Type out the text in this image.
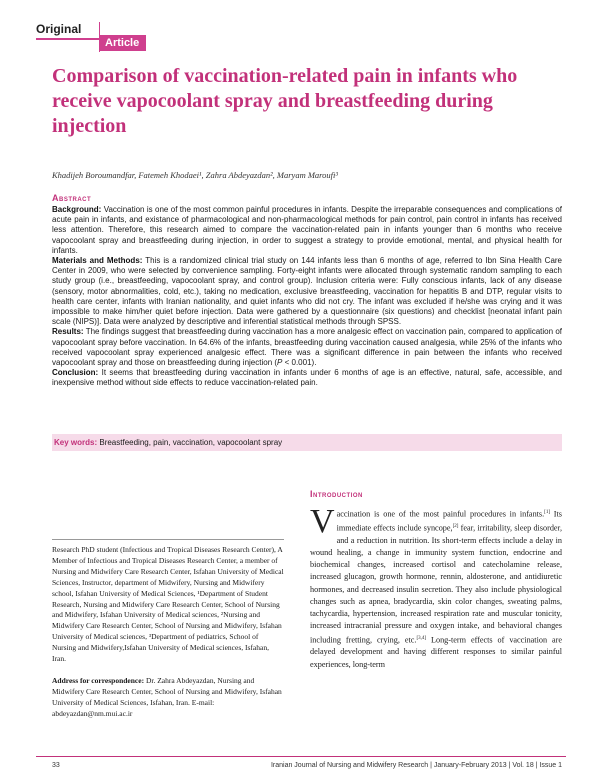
Original
Article
Comparison of vaccination-related pain in infants who receive vapocoolant spray and breastfeeding during injection
Khadijeh Boroumandfar, Fatemeh Khodaei¹, Zahra Abdeyazdan², Maryam Maroufi³
Abstract

Background: Vaccination is one of the most common painful procedures in infants. Despite the irreparable consequences and complications of acute pain in infants, and existance of pharmacological and non-pharmacological methods for pain control, pain control in infants has received less attention. Therefore, this research aimed to compare the vaccination-related pain in infants younger than 6 months who receive vapocoolant spray and breastfeeding during injection, in order to suggest a strategy to provide emotional, mental, and physical health for infants.

Materials and Methods: This is a randomized clinical trial study on 144 infants less than 6 months of age, referred to Ibn Sina Health Care Center in 2009, who were selected by convenience sampling. Forty-eight infants were allocated through systematic random sampling to each study group (i.e., breastfeeding, vapocoolant spray, and control group). Inclusion criteria were: Fully conscious infants, lack of any disease (sensory, motor abnormalities, cold, etc.), taking no medication, exclusive breastfeeding, vaccination for hepatitis B and DTP, regular visits to health care center, infants with Iranian nationality, and quiet infants who did not cry. The infant was excluded if he/she was crying and it was impossible to make him/her quiet before injection. Data were gathered by a questionnaire (six questions) and checklist [neonatal infant pain scale (NIPS)]. Data were analyzed by descriptive and inferential statistical methods through SPSS.

Results: The findings suggest that breastfeeding during vaccination has a more analgesic effect on vaccination pain, compared to application of vapocoolant spray before vaccination. In 64.6% of the infants, breastfeeding during vaccination caused analgesia, while 25% of the infants who received vapocoolant spray experienced analgesic effect. There was a significant difference in pain between the infants who received vapocoolant spray and those on breastfeeding during injection (P < 0.001).

Conclusion: It seems that breastfeeding during vaccination in infants under 6 months of age is an effective, natural, safe, accessible, and inexpensive method without side effects to reduce vaccination-related pain.

Key words: Breastfeeding, pain, vaccination, vapocoolant spray
Research PhD student (Infectious and Tropical Diseases Research Center), A Member of Infectious and Tropical Diseases Research Center, a member of Nursing and Midwifery Care Research Center, Isfahan University of Medical Sciences, Instructor, department of Midwifery, Nursing and Midwifery school, Isfahan University of Medical Sciences, ¹Department of Student Research, Nursing and Midwifery Care Research Center, School of Nursing and Midwifery, Isfahan University of Medical sciences, ²Nursing and Midwifery Care Research Center, School of Nursing and Midwifery, Isfahan University of Medical sciences, ³Department of pediatrics, School of Nursing and Midwifery,Isfahan University of Medical sciences, Isfahan, Iran.
Address for correspondence: Dr. Zahra Abdeyazdan, Nursing and Midwifery Care Research Center, School of Nursing and Midwifery, Isfahan University of Medical Sciences, Isfahan, Iran. E-mail: abdeyazdan@nm.mui.ac.ir
Introduction
Vaccination is one of the most painful procedures in infants.[1] Its immediate effects include syncope,[2] fear, irritability, sleep disorder, and a reduction in nutrition. Its short-term effects include a delay in wound healing, a change in immunity system function, endocrine and biochemical changes, increased cortisol and catecholamine release, increased glucagon, growth hormone, rennin, aldosterone, and antidiuretic hormones, and decreased insulin secretion. They also include physiological changes such as apnea, bradycardia, skin color changes, sweating palms, tachycardia, hypertension, increased respiration rate and muscular tonicity, increased intracranial pressure and oxygen intake, and behavioral changes including fretting, crying, etc.[3,4] Long-term effects of vaccination are delayed development and having different responses to similar painful experiences, long-term
33	Iranian Journal of Nursing and Midwifery Research | January-February 2013 | Vol. 18 | Issue 1
